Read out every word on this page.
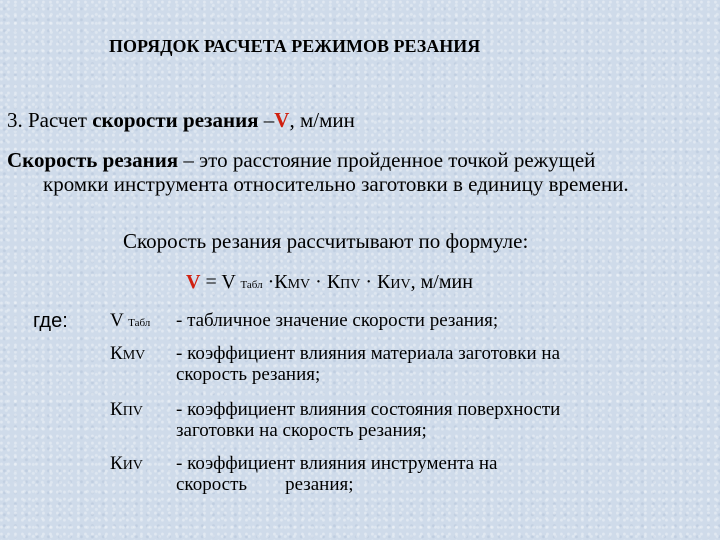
ПОРЯДОК РАСЧЕТА РЕЖИМОВ РЕЗАНИЯ
3. Расчет скорости резания –V, м/мин
Скорость резания – это расстояние пройденное точкой режущей
кромки инструмента относительно заготовки в единицу времени.
Скорость резания рассчитывают по формуле:
V = V Табл ·КMV · КПV · КИV, м/мин
где: V Табл - табличное значение скорости резания;
КMV - коэффициент влияния материала заготовки на
скорость резания;
КПV - коэффициент влияния состояния поверхности
заготовки на скорость резания;
КИV - коэффициент влияния инструмента на
скорость        резания;
